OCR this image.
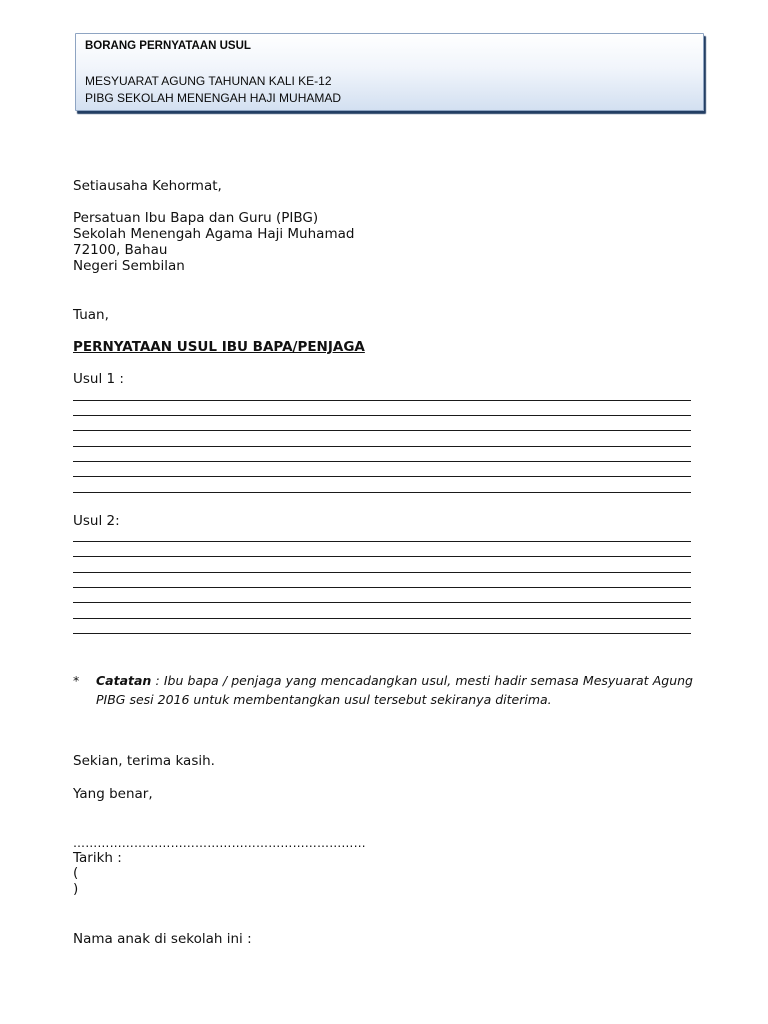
BORANG PERNYATAAN USUL
MESYUARAT AGUNG TAHUNAN KALI KE-12
PIBG SEKOLAH MENENGAH HAJI MUHAMAD
Setiausaha Kehormat,
Persatuan Ibu Bapa dan Guru (PIBG)
Sekolah Menengah Agama Haji Muhamad
72100, Bahau
Negeri Sembilan
Tuan,
PERNYATAAN USUL IBU BAPA/PENJAGA
Usul 1 :
Usul 2:
* Catatan : Ibu bapa / penjaga yang mencadangkan usul, mesti hadir semasa Mesyuarat Agung PIBG sesi 2016 untuk membentangkan usul tersebut sekiranya diterima.
Sekian, terima kasih.
Yang benar,
………………………………………………………………
Tarikh :
(
)
Nama anak di sekolah ini :
